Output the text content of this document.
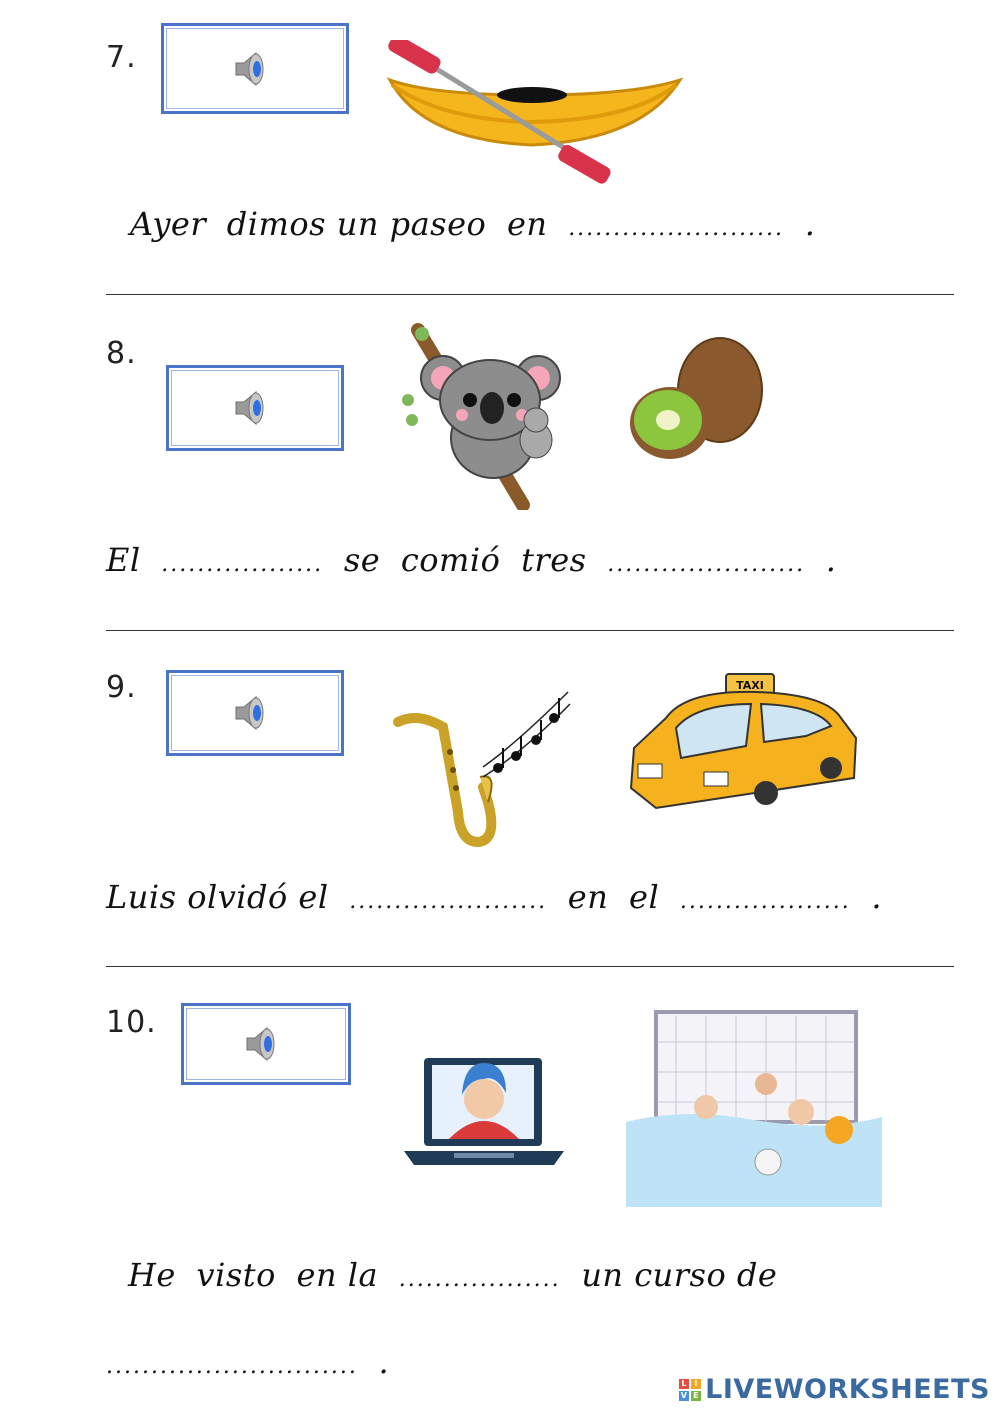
7.
Ayer dimos un paseo en ........................ .
8.
El .................. se comió tres ...................... .
9.	TAXI
Luis olvidó el ...................... en el ................... .
10.
He visto en la .................. un curso de
............................ .
L I
V E LIVEWORKSHEETS
